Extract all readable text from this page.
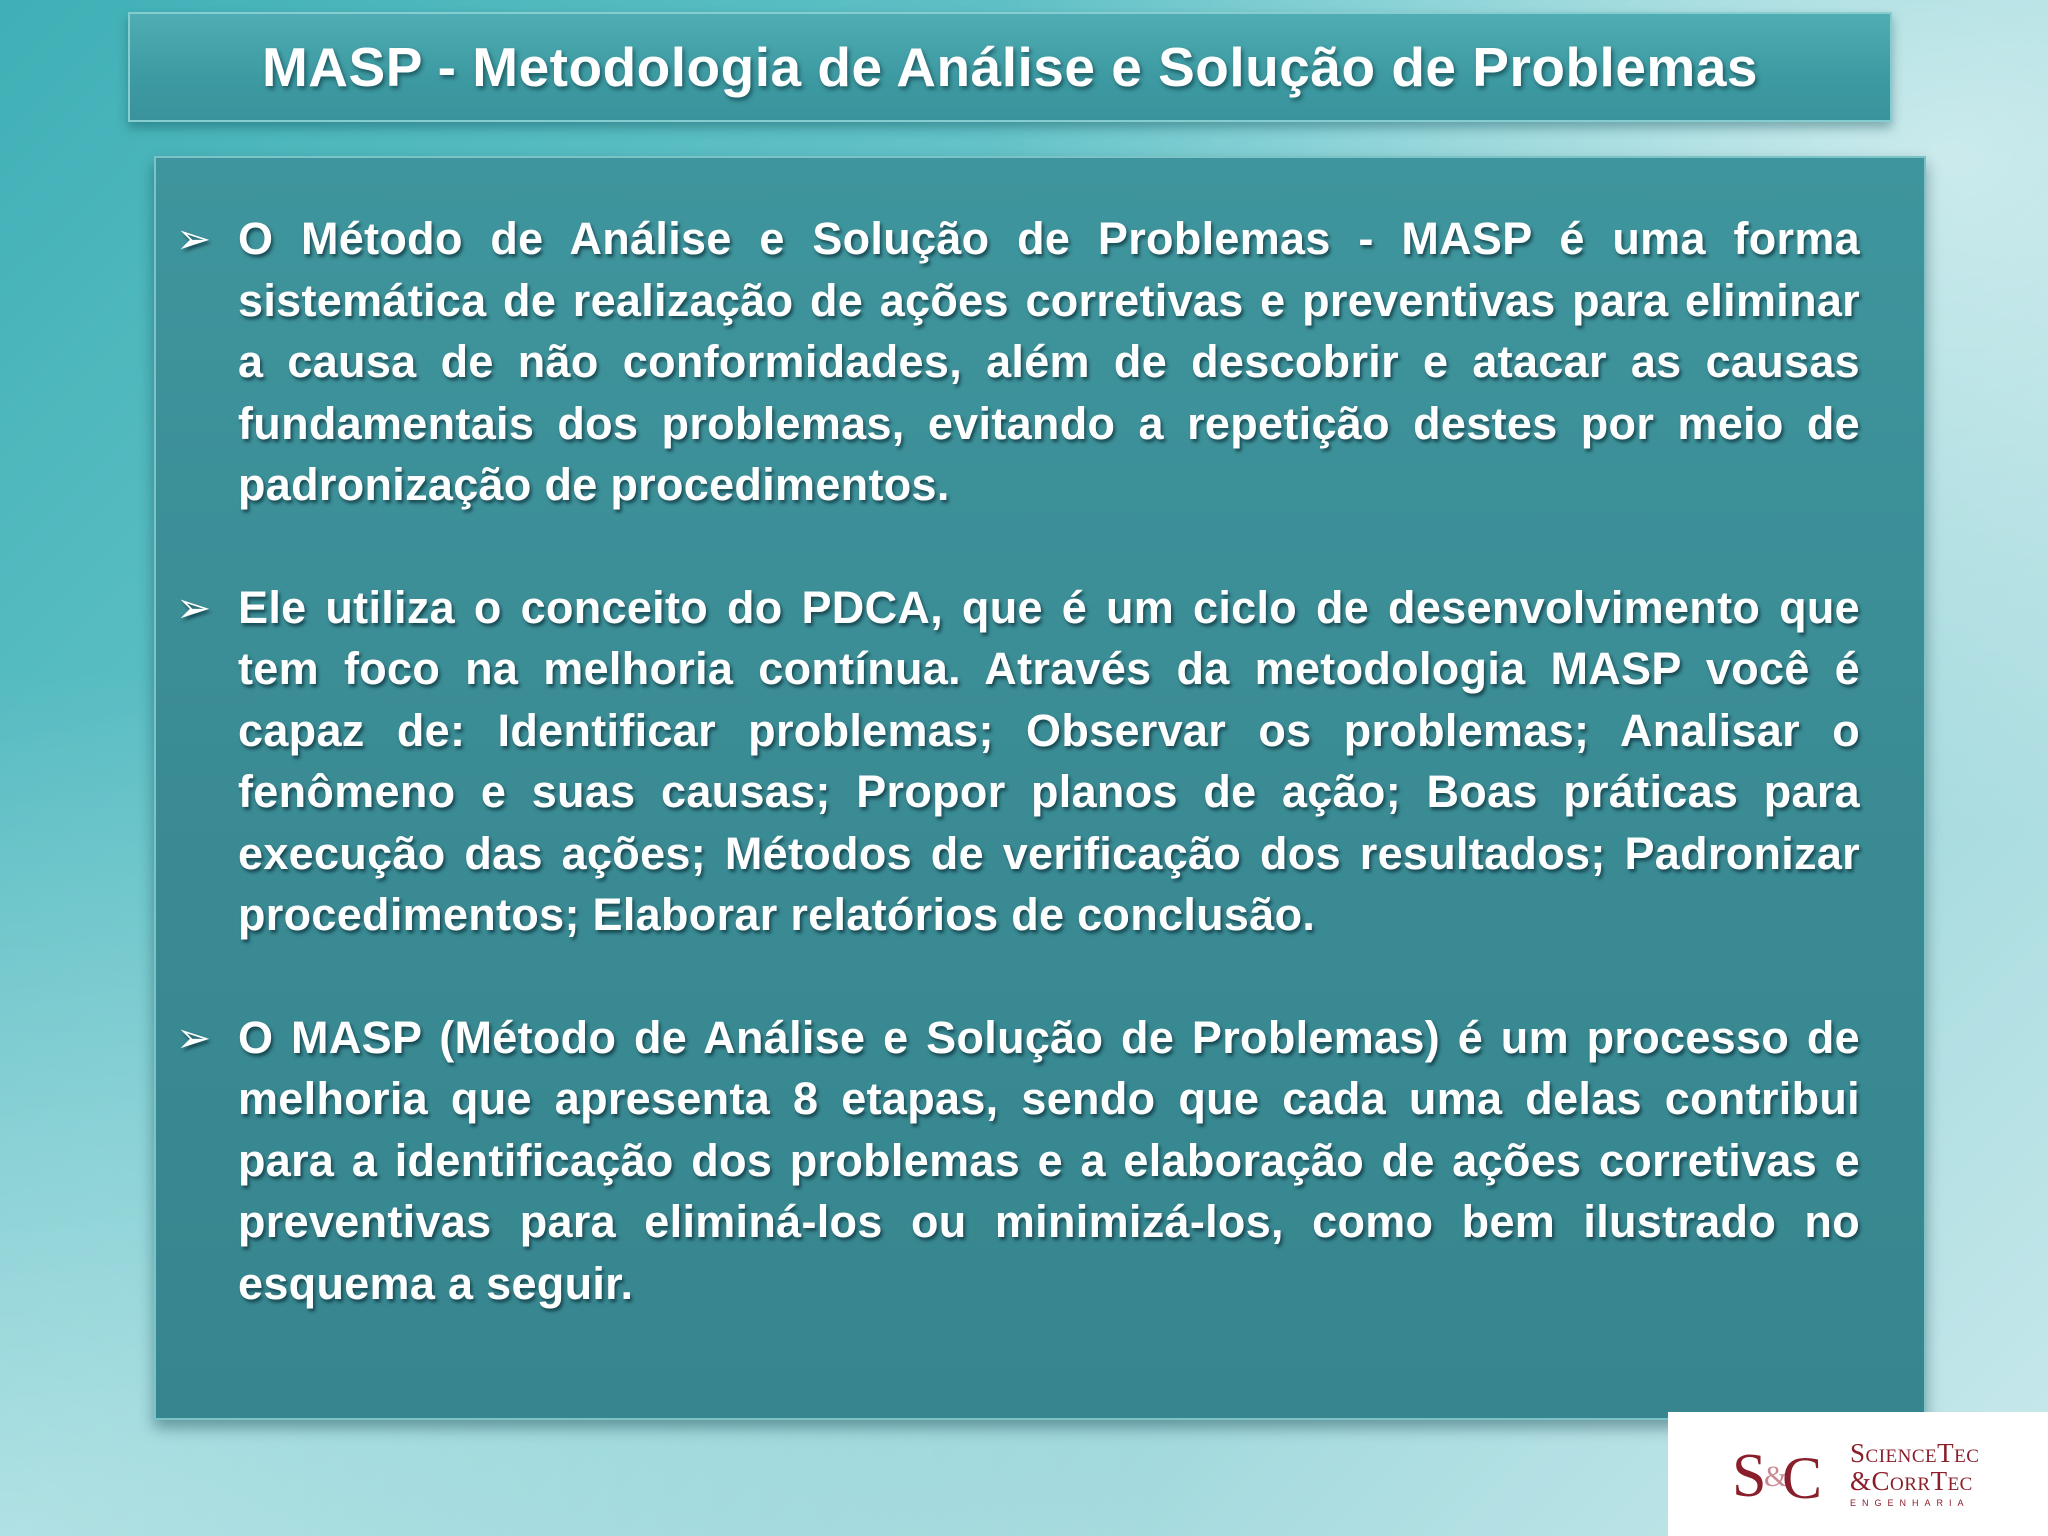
MASP - Metodologia de Análise e Solução de Problemas
➢ O Método de Análise e Solução de Problemas - MASP é uma forma sistemática de realização de ações corretivas e preventivas para eliminar a causa de não conformidades, além de descobrir e atacar as causas fundamentais dos problemas, evitando a repetição destes por meio de padronização de procedimentos.
➢ Ele utiliza o conceito do PDCA, que é um ciclo de desenvolvimento que tem foco na melhoria contínua. Através da metodologia MASP você é capaz de: Identificar problemas; Observar os problemas; Analisar o fenômeno e suas causas; Propor planos de ação; Boas práticas para execução das ações; Métodos de verificação dos resultados; Padronizar procedimentos; Elaborar relatórios de conclusão.
➢ O MASP (Método de Análise e Solução de Problemas) é um processo de melhoria que apresenta 8 etapas, sendo que cada uma delas contribui para a identificação dos problemas e a elaboração de ações corretivas e preventivas para eliminá-los ou minimizá-los, como bem ilustrado no esquema a seguir.
S
&
C ScienceTec
&CorrTec
ENGENHARIA
